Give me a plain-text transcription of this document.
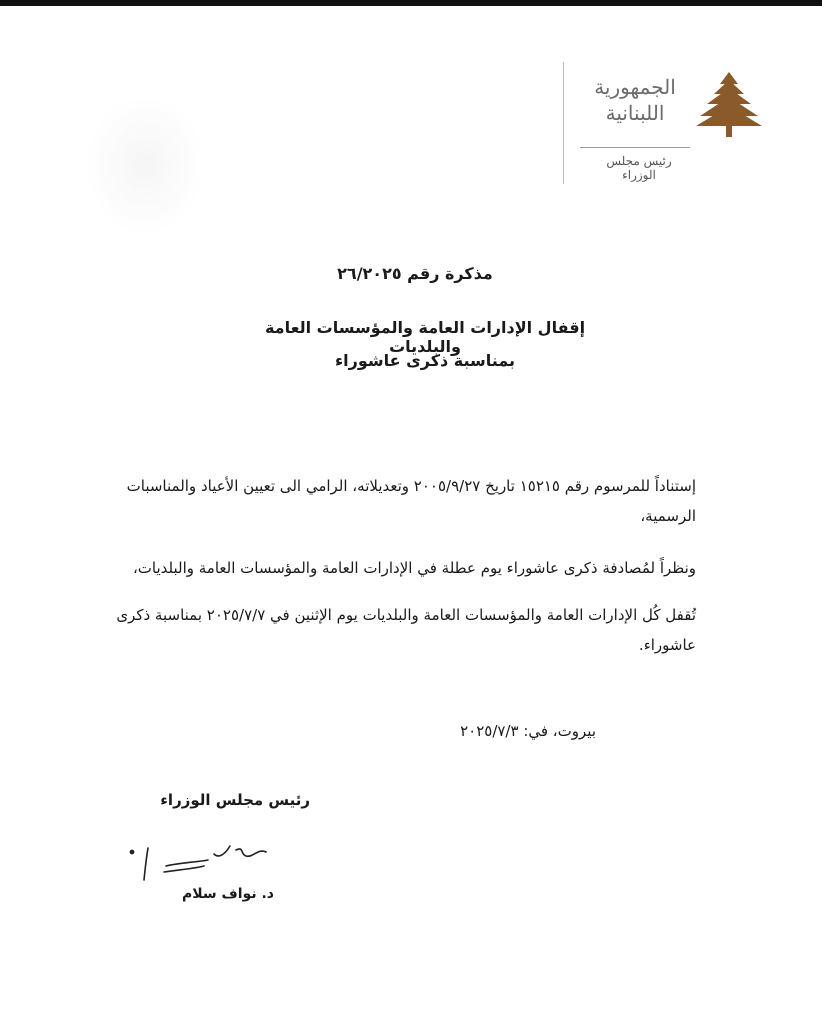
الجمهورية اللبنانية
رئيس مجلس الوزراء
مذكرة رقم ٢٦/٢٠٢٥
إقفال الإدارات العامة والمؤسسات العامة والبلديات
بمناسبة ذكرى عاشوراء
إستناداً للمرسوم رقم ١٥٢١٥ تاريخ ٢٠٠٥/٩/٢٧ وتعديلاته، الرامي الى تعيين الأعياد والمناسبات الرسمية،
ونظراً لمُصادفة ذكرى عاشوراء يوم عطلة في الإدارات العامة والمؤسسات العامة والبلديات،
تُقفل كُل الإدارات العامة والمؤسسات العامة والبلديات يوم الإثنين في ٢٠٢٥/٧/٧ بمناسبة ذكرى عاشوراء.
بيروت، في: ٢٠٢٥/٧/٣
رئيس مجلس الوزراء
د. نواف سلام
